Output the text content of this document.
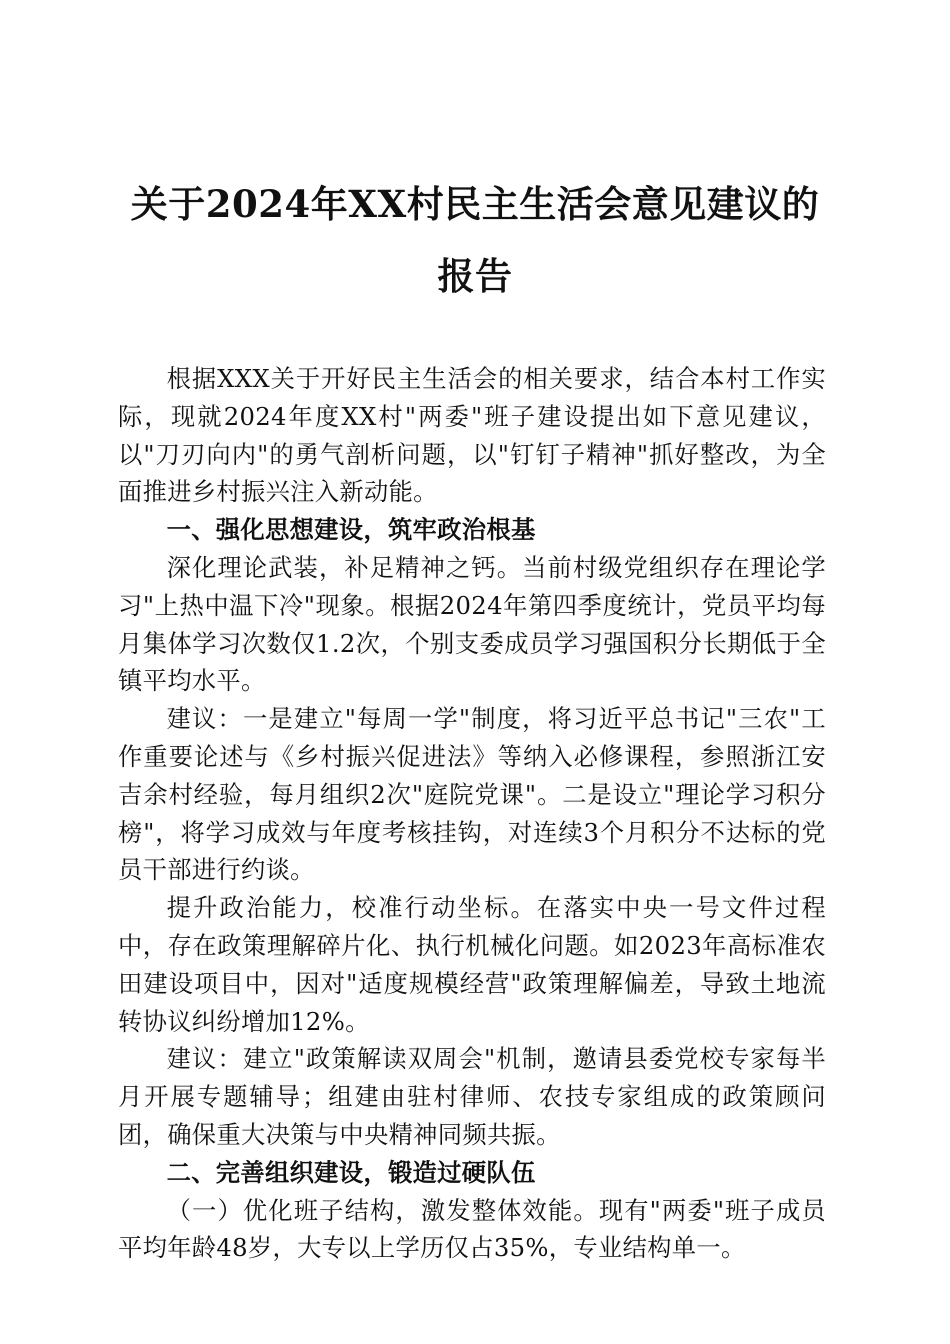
关于2024年XX村民主生活会意见建议的报告

根据XXX关于开好民主生活会的相关要求，结合本村工作实际，现就2024年度XX村"两委"班子建设提出如下意见建议，以"刀刃向内"的勇气剖析问题，以"钉钉子精神"抓好整改，为全面推进乡村振兴注入新动能。

一、强化思想建设，筑牢政治根基

深化理论武装，补足精神之钙。当前村级党组织存在理论学习"上热中温下冷"现象。根据2024年第四季度统计，党员平均每月集体学习次数仅1.2次，个别支委成员学习强国积分长期低于全镇平均水平。

建议：一是建立"每周一学"制度，将习近平总书记"三农"工作重要论述与《乡村振兴促进法》等纳入必修课程，参照浙江安吉余村经验，每月组织2次"庭院党课"。二是设立"理论学习积分榜"，将学习成效与年度考核挂钩，对连续3个月积分不达标的党员干部进行约谈。

提升政治能力，校准行动坐标。在落实中央一号文件过程中，存在政策理解碎片化、执行机械化问题。如2023年高标准农田建设项目中，因对"适度规模经营"政策理解偏差，导致土地流转协议纠纷增加12%。

建议：建立"政策解读双周会"机制，邀请县委党校专家每半月开展专题辅导；组建由驻村律师、农技专家组成的政策顾问团，确保重大决策与中央精神同频共振。

二、完善组织建设，锻造过硬队伍

（一）优化班子结构，激发整体效能。现有"两委"班子成员平均年龄48岁，大专以上学历仅占35%，专业结构单一。
